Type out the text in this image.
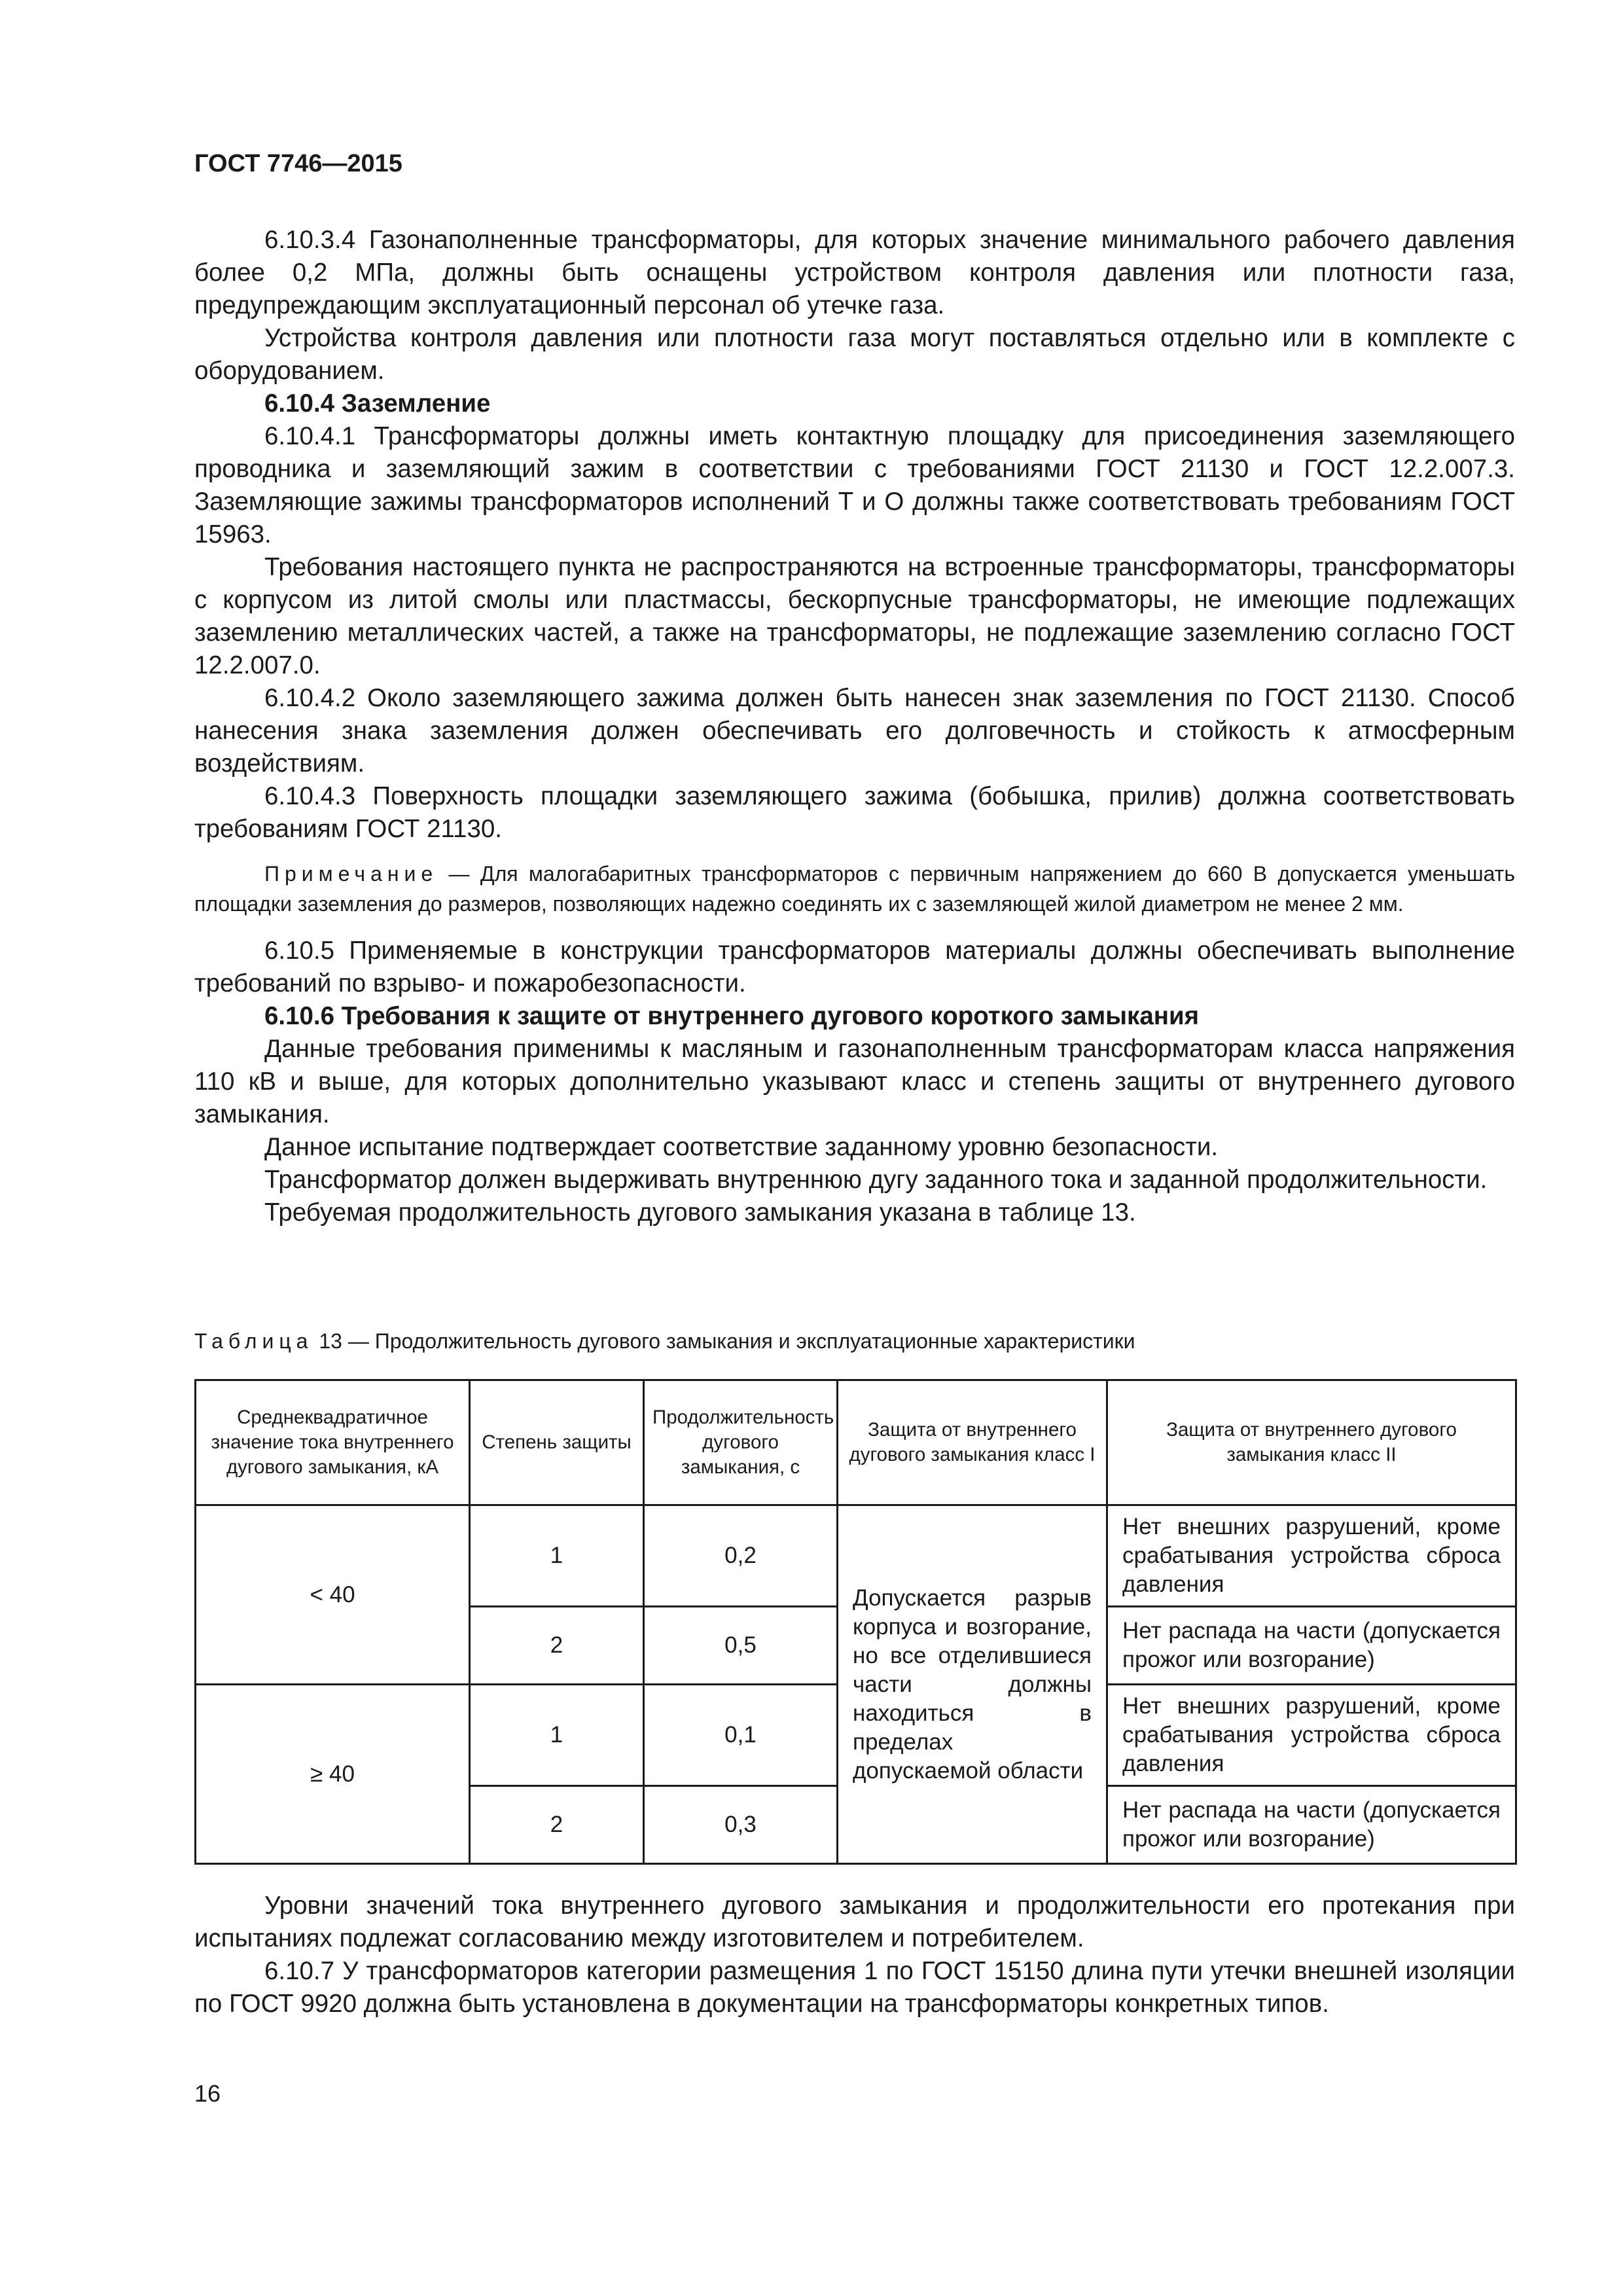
ГОСТ 7746—2015

6.10.3.4 Газонаполненные трансформаторы, для которых значение минимального рабочего давления более 0,2 МПа, должны быть оснащены устройством контроля давления или плотности газа, предупреждающим эксплуатационный персонал об утечке газа.

Устройства контроля давления или плотности газа могут поставляться отдельно или в комплекте с оборудованием.

6.10.4 Заземление

6.10.4.1 Трансформаторы должны иметь контактную площадку для присоединения заземляющего проводника и заземляющий зажим в соответствии с требованиями ГОСТ 21130 и ГОСТ 12.2.007.3. Заземляющие зажимы трансформаторов исполнений Т и О должны также соответствовать требованиям ГОСТ 15963.

Требования настоящего пункта не распространяются на встроенные трансформаторы, трансформаторы с корпусом из литой смолы или пластмассы, бескорпусные трансформаторы, не имеющие подлежащих заземлению металлических частей, а также на трансформаторы, не подлежащие заземлению согласно ГОСТ 12.2.007.0.

6.10.4.2 Около заземляющего зажима должен быть нанесен знак заземления по ГОСТ 21130. Способ нанесения знака заземления должен обеспечивать его долговечность и стойкость к атмосферным воздействиям.

6.10.4.3 Поверхность площадки заземляющего зажима (бобышка, прилив) должна соответствовать требованиям ГОСТ 21130.

Примечание — Для малогабаритных трансформаторов с первичным напряжением до 660 В допускается уменьшать площадки заземления до размеров, позволяющих надежно соединять их с заземляющей жилой диаметром не менее 2 мм.

6.10.5 Применяемые в конструкции трансформаторов материалы должны обеспечивать выполнение требований по взрыво- и пожаробезопасности.

6.10.6 Требования к защите от внутреннего дугового короткого замыкания

Данные требования применимы к масляным и газонаполненным трансформаторам класса напряжения 110 кВ и выше, для которых дополнительно указывают класс и степень защиты от внутреннего дугового замыкания.

Данное испытание подтверждает соответствие заданному уровню безопасности.

Трансформатор должен выдерживать внутреннюю дугу заданного тока и заданной продолжительности.

Требуемая продолжительность дугового замыкания указана в таблице 13.

Таблица 13 — Продолжительность дугового замыкания и эксплуатационные характеристики
Среднеквадратичное значение тока внутреннего дугового замыкания, кА	Степень защиты	Продолжительность дугового замыкания, с	Защита от внутреннего дугового замыкания класс I	Защита от внутреннего дугового замыкания класс II
< 40	1	0,2	Допускается разрыв корпуса и возгорание, но все отделившиеся части должны находиться в пределах допускаемой области	Нет внешних разрушений, кроме срабатывания устройства сброса давления
	2	0,5		Нет распада на части (допускается прожог или возгорание)
≥ 40	1	0,1		Нет внешних разрушений, кроме срабатывания устройства сброса давления
	2	0,3		Нет распада на части (допускается прожог или возгорание)

Уровни значений тока внутреннего дугового замыкания и продолжительности его протекания при испытаниях подлежат согласованию между изготовителем и потребителем.

6.10.7 У трансформаторов категории размещения 1 по ГОСТ 15150 длина пути утечки внешней изоляции по ГОСТ 9920 должна быть установлена в документации на трансформаторы конкретных типов.

16
